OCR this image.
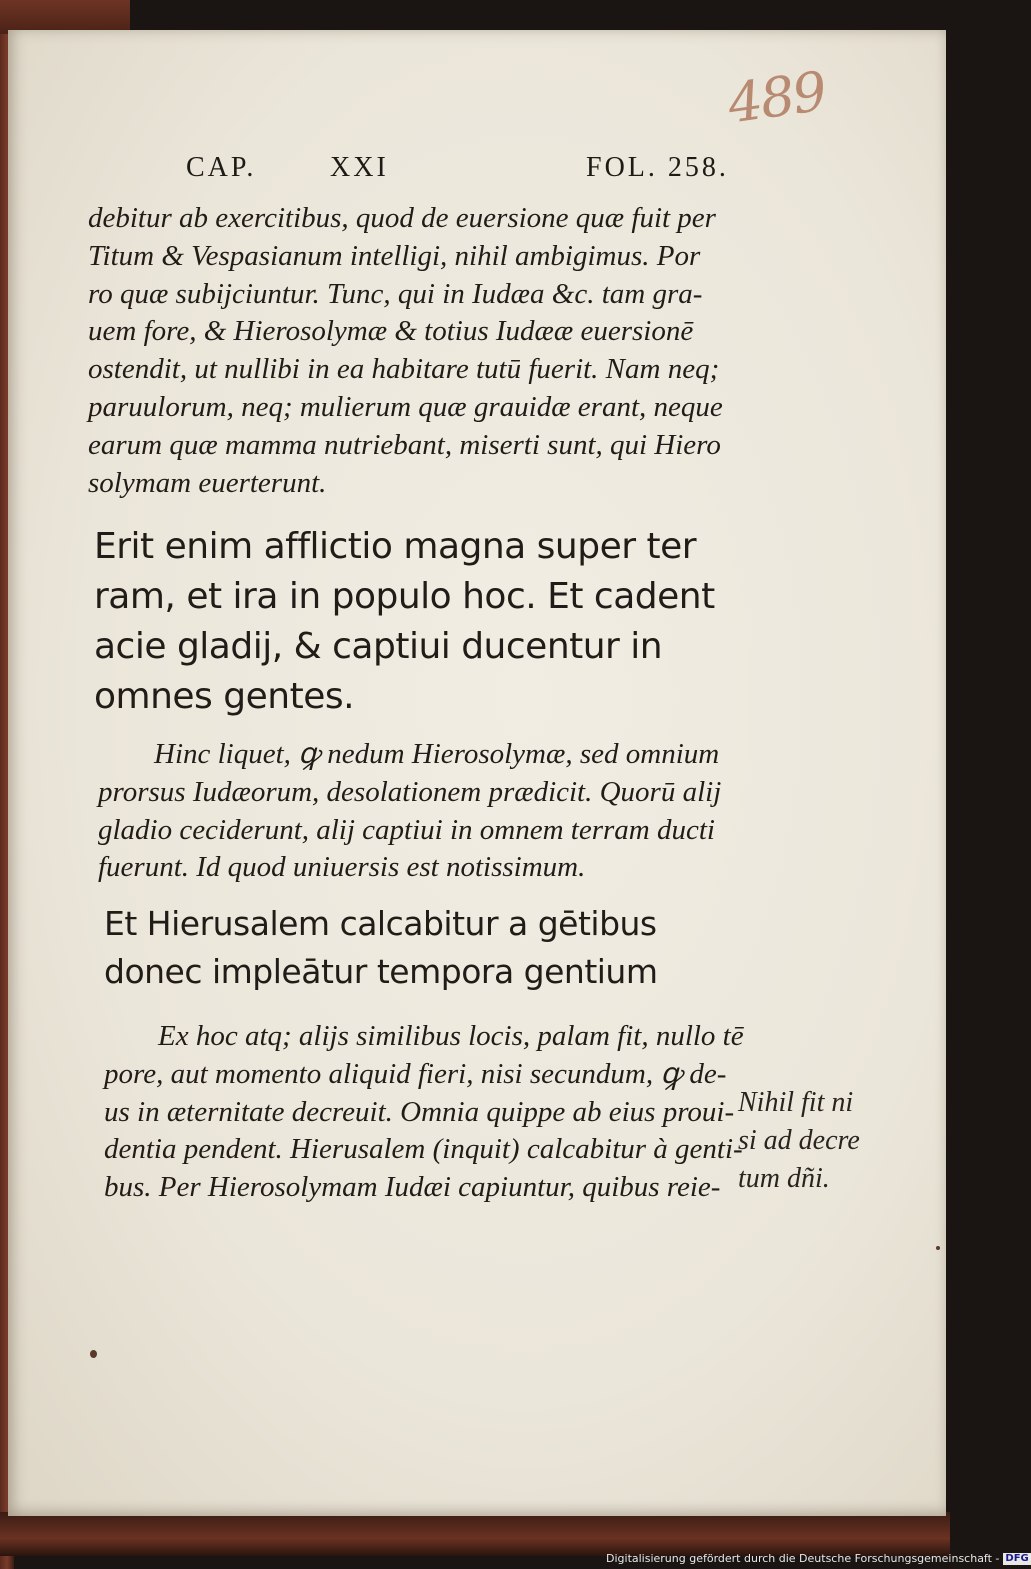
489
CAP.	XXI	FOL. 258.
debitur ab exercitibus, quod de euersione quæ fuit per
Titum & Vespasianum intelligi, nihil ambigimus. Por
ro quæ subijciuntur. Tunc, qui in Iudæa &c. tam gra-
uem fore, & Hierosolymæ & totius Iudææ euersionē
ostendit, ut nullibi in ea habitare tutū fuerit. Nam neq;
paruulorum, neq; mulierum quæ grauidæ erant, neque
earum quæ mamma nutriebant, miserti sunt, qui Hiero
solymam euerterunt.
Erit enim afflictio magna super ter
ram, et ira in populo hoc. Et cadent
acie gladij, & captiui ducentur in
omnes gentes.
Hinc liquet, ꝙ nedum Hierosolymæ, sed omnium
prorsus Iudæorum, desolationem prædicit. Quorū alij
gladio ceciderunt, alij captiui in omnem terram ducti
fuerunt. Id quod uniuersis est notissimum.
Et Hierusalem calcabitur a gētibus
donec impleātur tempora gentium
Ex hoc atq; alijs similibus locis, palam fit, nullo tē
pore, aut momento aliquid fieri, nisi secundum, ꝙ de-
us in æternitate decreuit. Omnia quippe ab eius proui-
dentia pendent. Hierusalem (inquit) calcabitur à genti-
bus. Per Hierosolymam Iudæi capiuntur, quibus reie-
Nihil fit ni
si ad decre
tum dñi.
Digitalisierung gefördert durch die Deutsche Forschungsgemeinschaft - DFG
